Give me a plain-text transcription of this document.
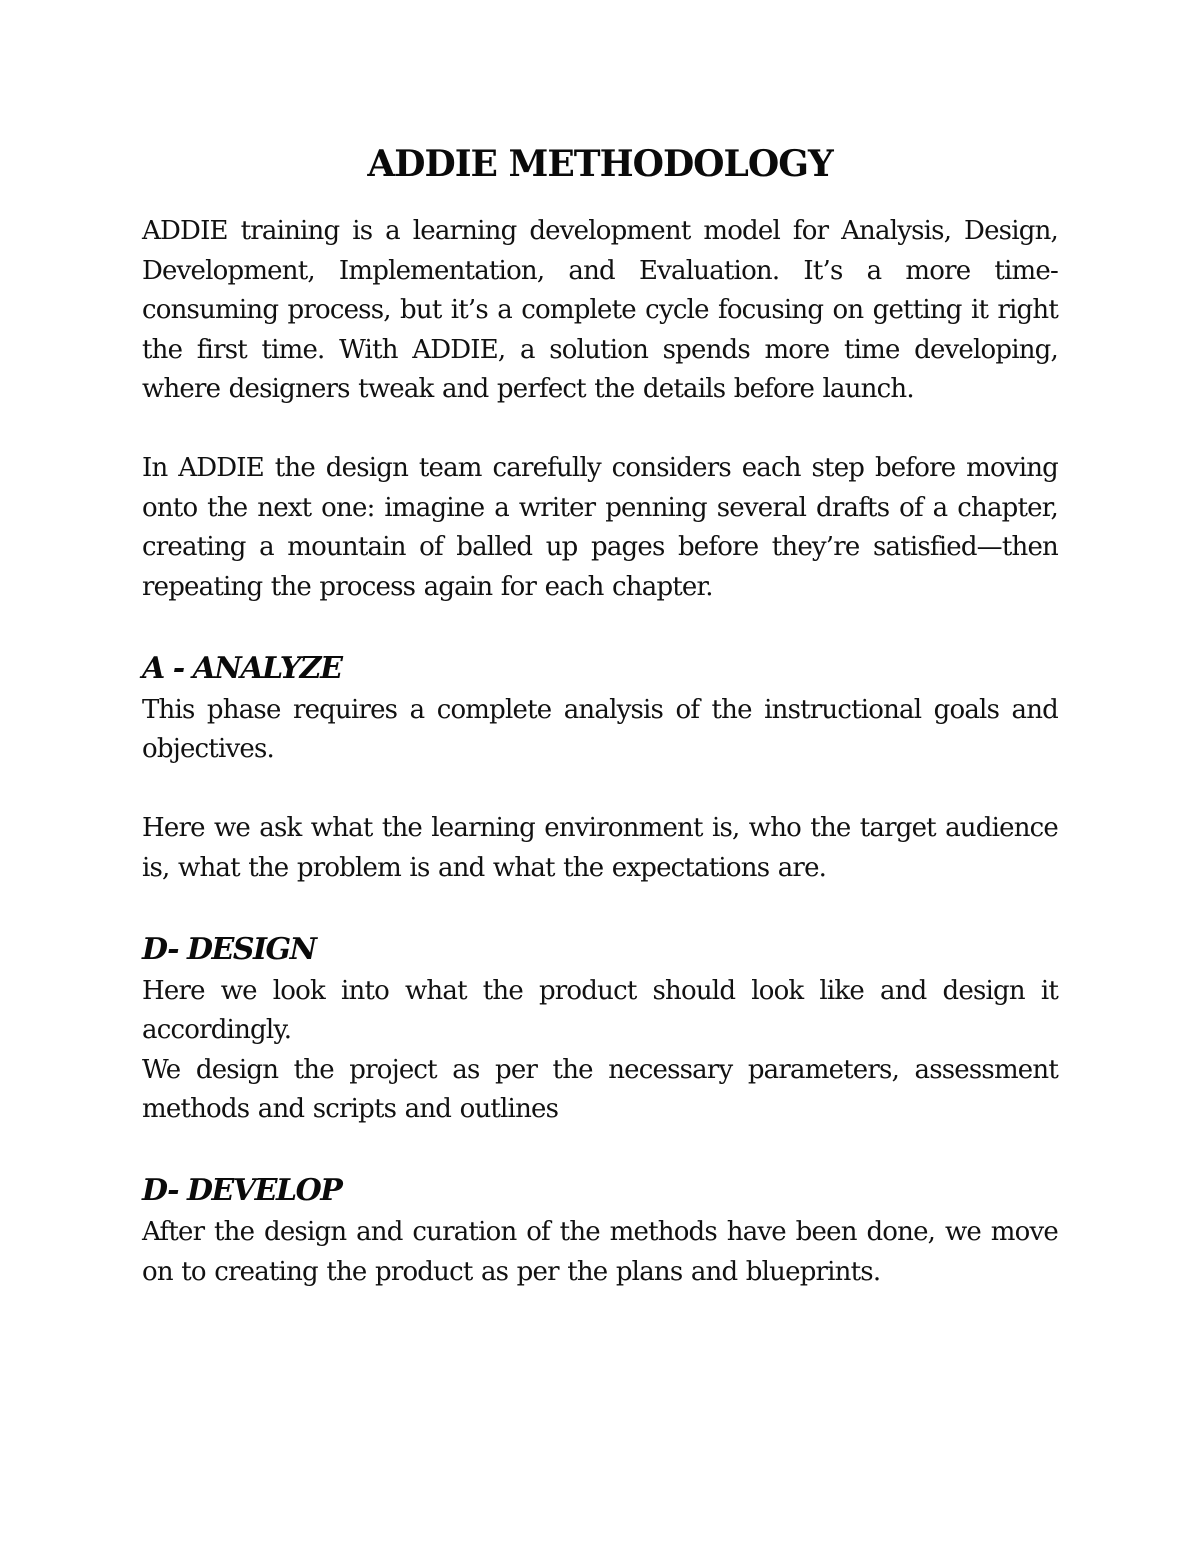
ADDIE METHODOLOGY

ADDIE training is a learning development model for Analysis, Design, Development, Implementation, and Evaluation. It’s a more time-consuming process, but it’s a complete cycle focusing on getting it right the first time. With ADDIE, a solution spends more time developing, where designers tweak and perfect the details before launch.

In ADDIE the design team carefully considers each step before moving onto the next one: imagine a writer penning several drafts of a chapter, creating a mountain of balled up pages before they’re satisfied—then repeating the process again for each chapter.

A - ANALYZE

This phase requires a complete analysis of the instructional goals and objectives.

Here we ask what the learning environment is, who the target audience is, what the problem is and what the expectations are.

D- DESIGN

Here we look into what the product should look like and design it accordingly.

We design the project as per the necessary parameters, assessment methods and scripts and outlines

D- DEVELOP

After the design and curation of the methods have been done, we move on to creating the product as per the plans and blueprints.
